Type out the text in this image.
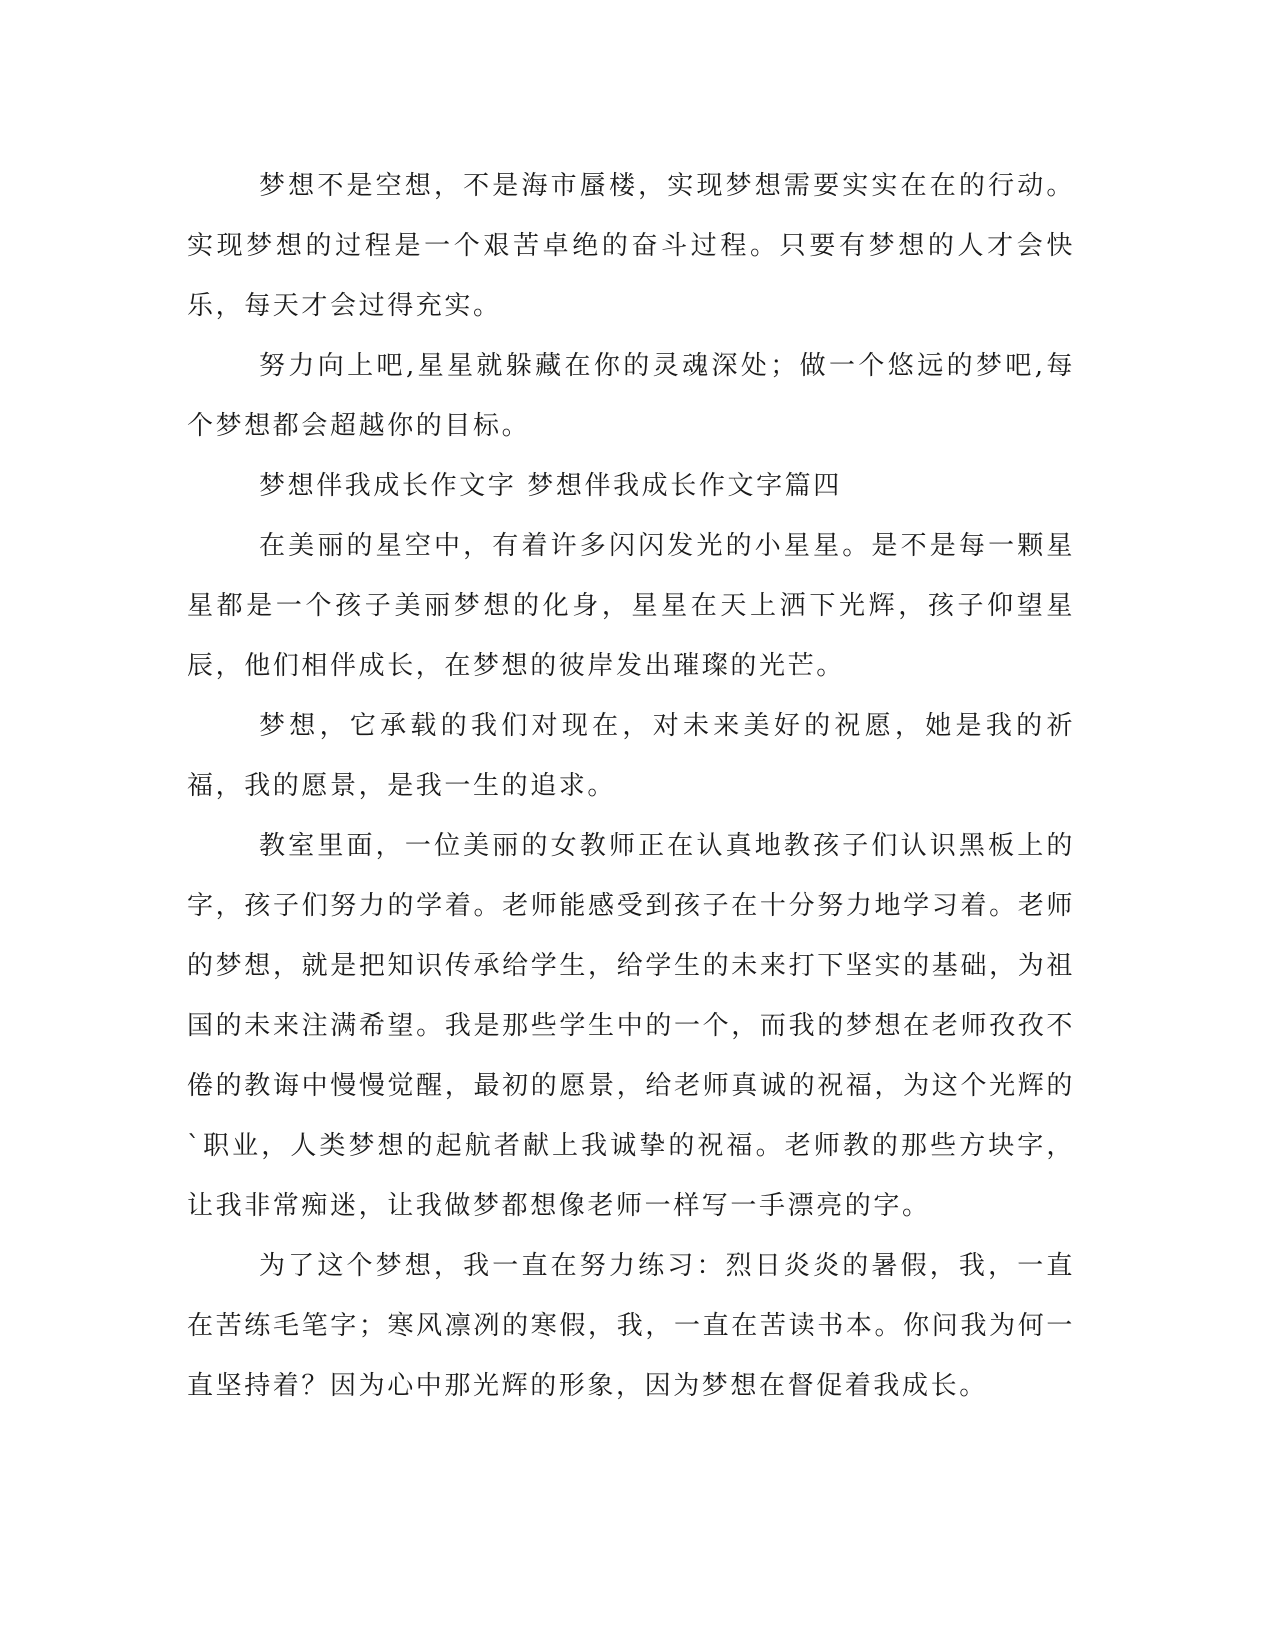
梦想不是空想，不是海市蜃楼，实现梦想需要实实在在的行动。实现梦想的过程是一个艰苦卓绝的奋斗过程。只要有梦想的人才会快乐，每天才会过得充实。

努力向上吧,星星就躲藏在你的灵魂深处；做一个悠远的梦吧,每个梦想都会超越你的目标。

梦想伴我成长作文字 梦想伴我成长作文字篇四

在美丽的星空中，有着许多闪闪发光的小星星。是不是每一颗星星都是一个孩子美丽梦想的化身，星星在天上洒下光辉，孩子仰望星辰，他们相伴成长，在梦想的彼岸发出璀璨的光芒。

梦想，它承载的我们对现在，对未来美好的祝愿，她是我的祈福，我的愿景，是我一生的追求。

教室里面，一位美丽的女教师正在认真地教孩子们认识黑板上的字，孩子们努力的学着。老师能感受到孩子在十分努力地学习着。老师的梦想，就是把知识传承给学生，给学生的未来打下坚实的基础，为祖国的未来注满希望。我是那些学生中的一个，而我的梦想在老师孜孜不倦的教诲中慢慢觉醒，最初的愿景，给老师真诚的祝福，为这个光辉的`职业，人类梦想的起航者献上我诚挚的祝福。老师教的那些方块字，让我非常痴迷，让我做梦都想像老师一样写一手漂亮的字。

为了这个梦想，我一直在努力练习：烈日炎炎的暑假，我，一直在苦练毛笔字；寒风凛冽的寒假，我，一直在苦读书本。你问我为何一直坚持着？因为心中那光辉的形象，因为梦想在督促着我成长。
